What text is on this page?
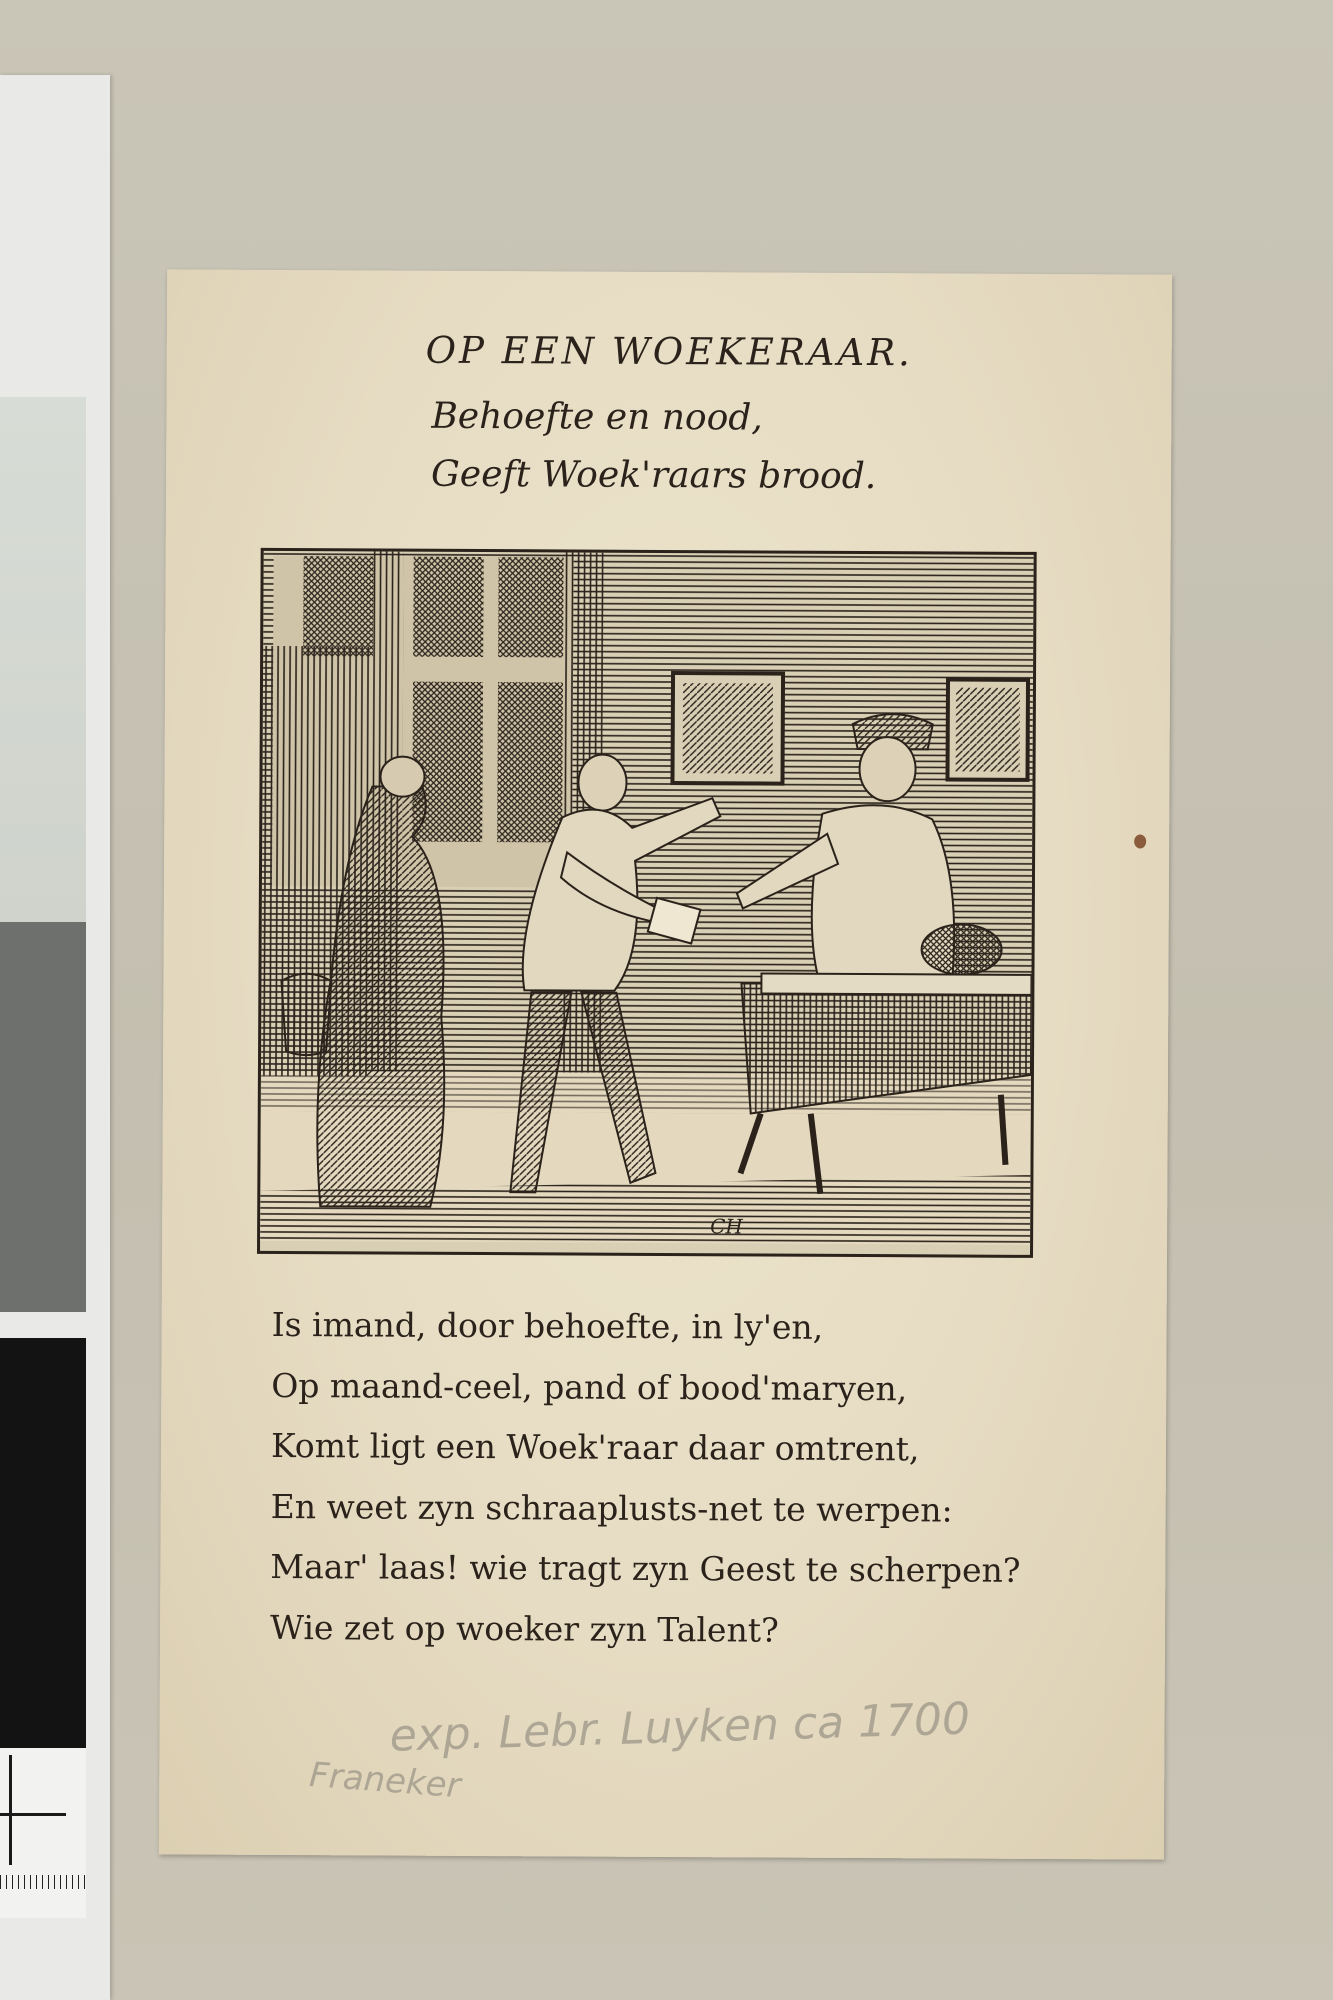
OP EEN WOEKERAAR.
Behoefte en nood,
Geeft Woek'raars brood.
CH
Is imand, door behoefte, in ly'en,
Op maand-ceel, pand of bood'maryen,
Komt ligt een Woek'raar daar omtrent,
En weet zyn schraaplusts-net te werpen:
Maar' laas! wie tragt zyn Geest te scherpen?
Wie zet op woeker zyn Talent?
exp. Lebr. Luyken ca 1700
Franeker
